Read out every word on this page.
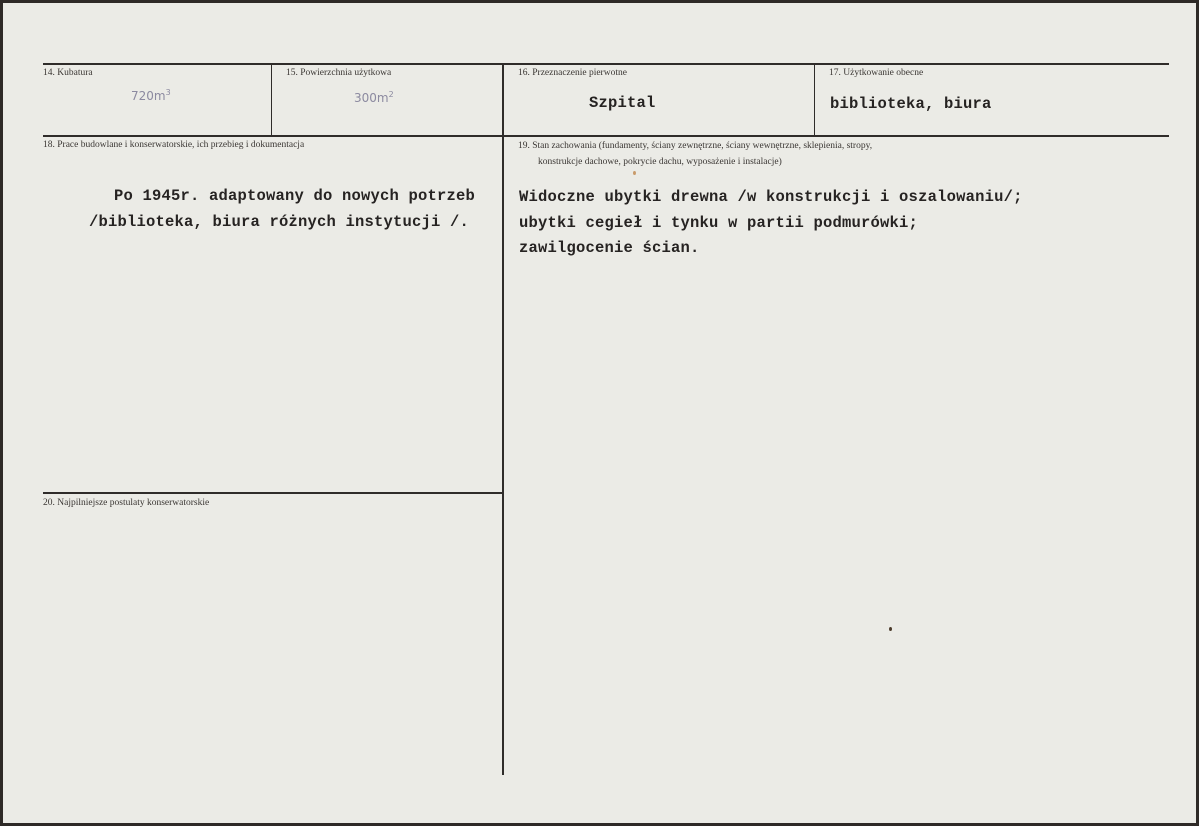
14. Kubatura
$720m^3$
15. Powierzchnia użytkowa
$300m^2$
16. Przeznaczenie pierwotne
Szpital
17. Użytkowanie obecne
biblioteka, biura
18. Prace budowlane i konserwatorskie, ich przebieg i dokumentacja
Po 1945r. adaptowany do nowych potrzeb
/biblioteka, biura różnych instytucji /.
19. Stan zachowania (fundamenty, ściany zewnętrzne, ściany wewnętrzne, sklepienia, stropy,
konstrukcje dachowe, pokrycie dachu, wyposażenie i instalacje)
Widoczne ubytki drewna /w konstrukcji i oszalowaniu/;
ubytki cegieł i tynku w partii podmurówki;
zawilgocenie ścian.
20. Najpilniejsze postulaty konserwatorskie
